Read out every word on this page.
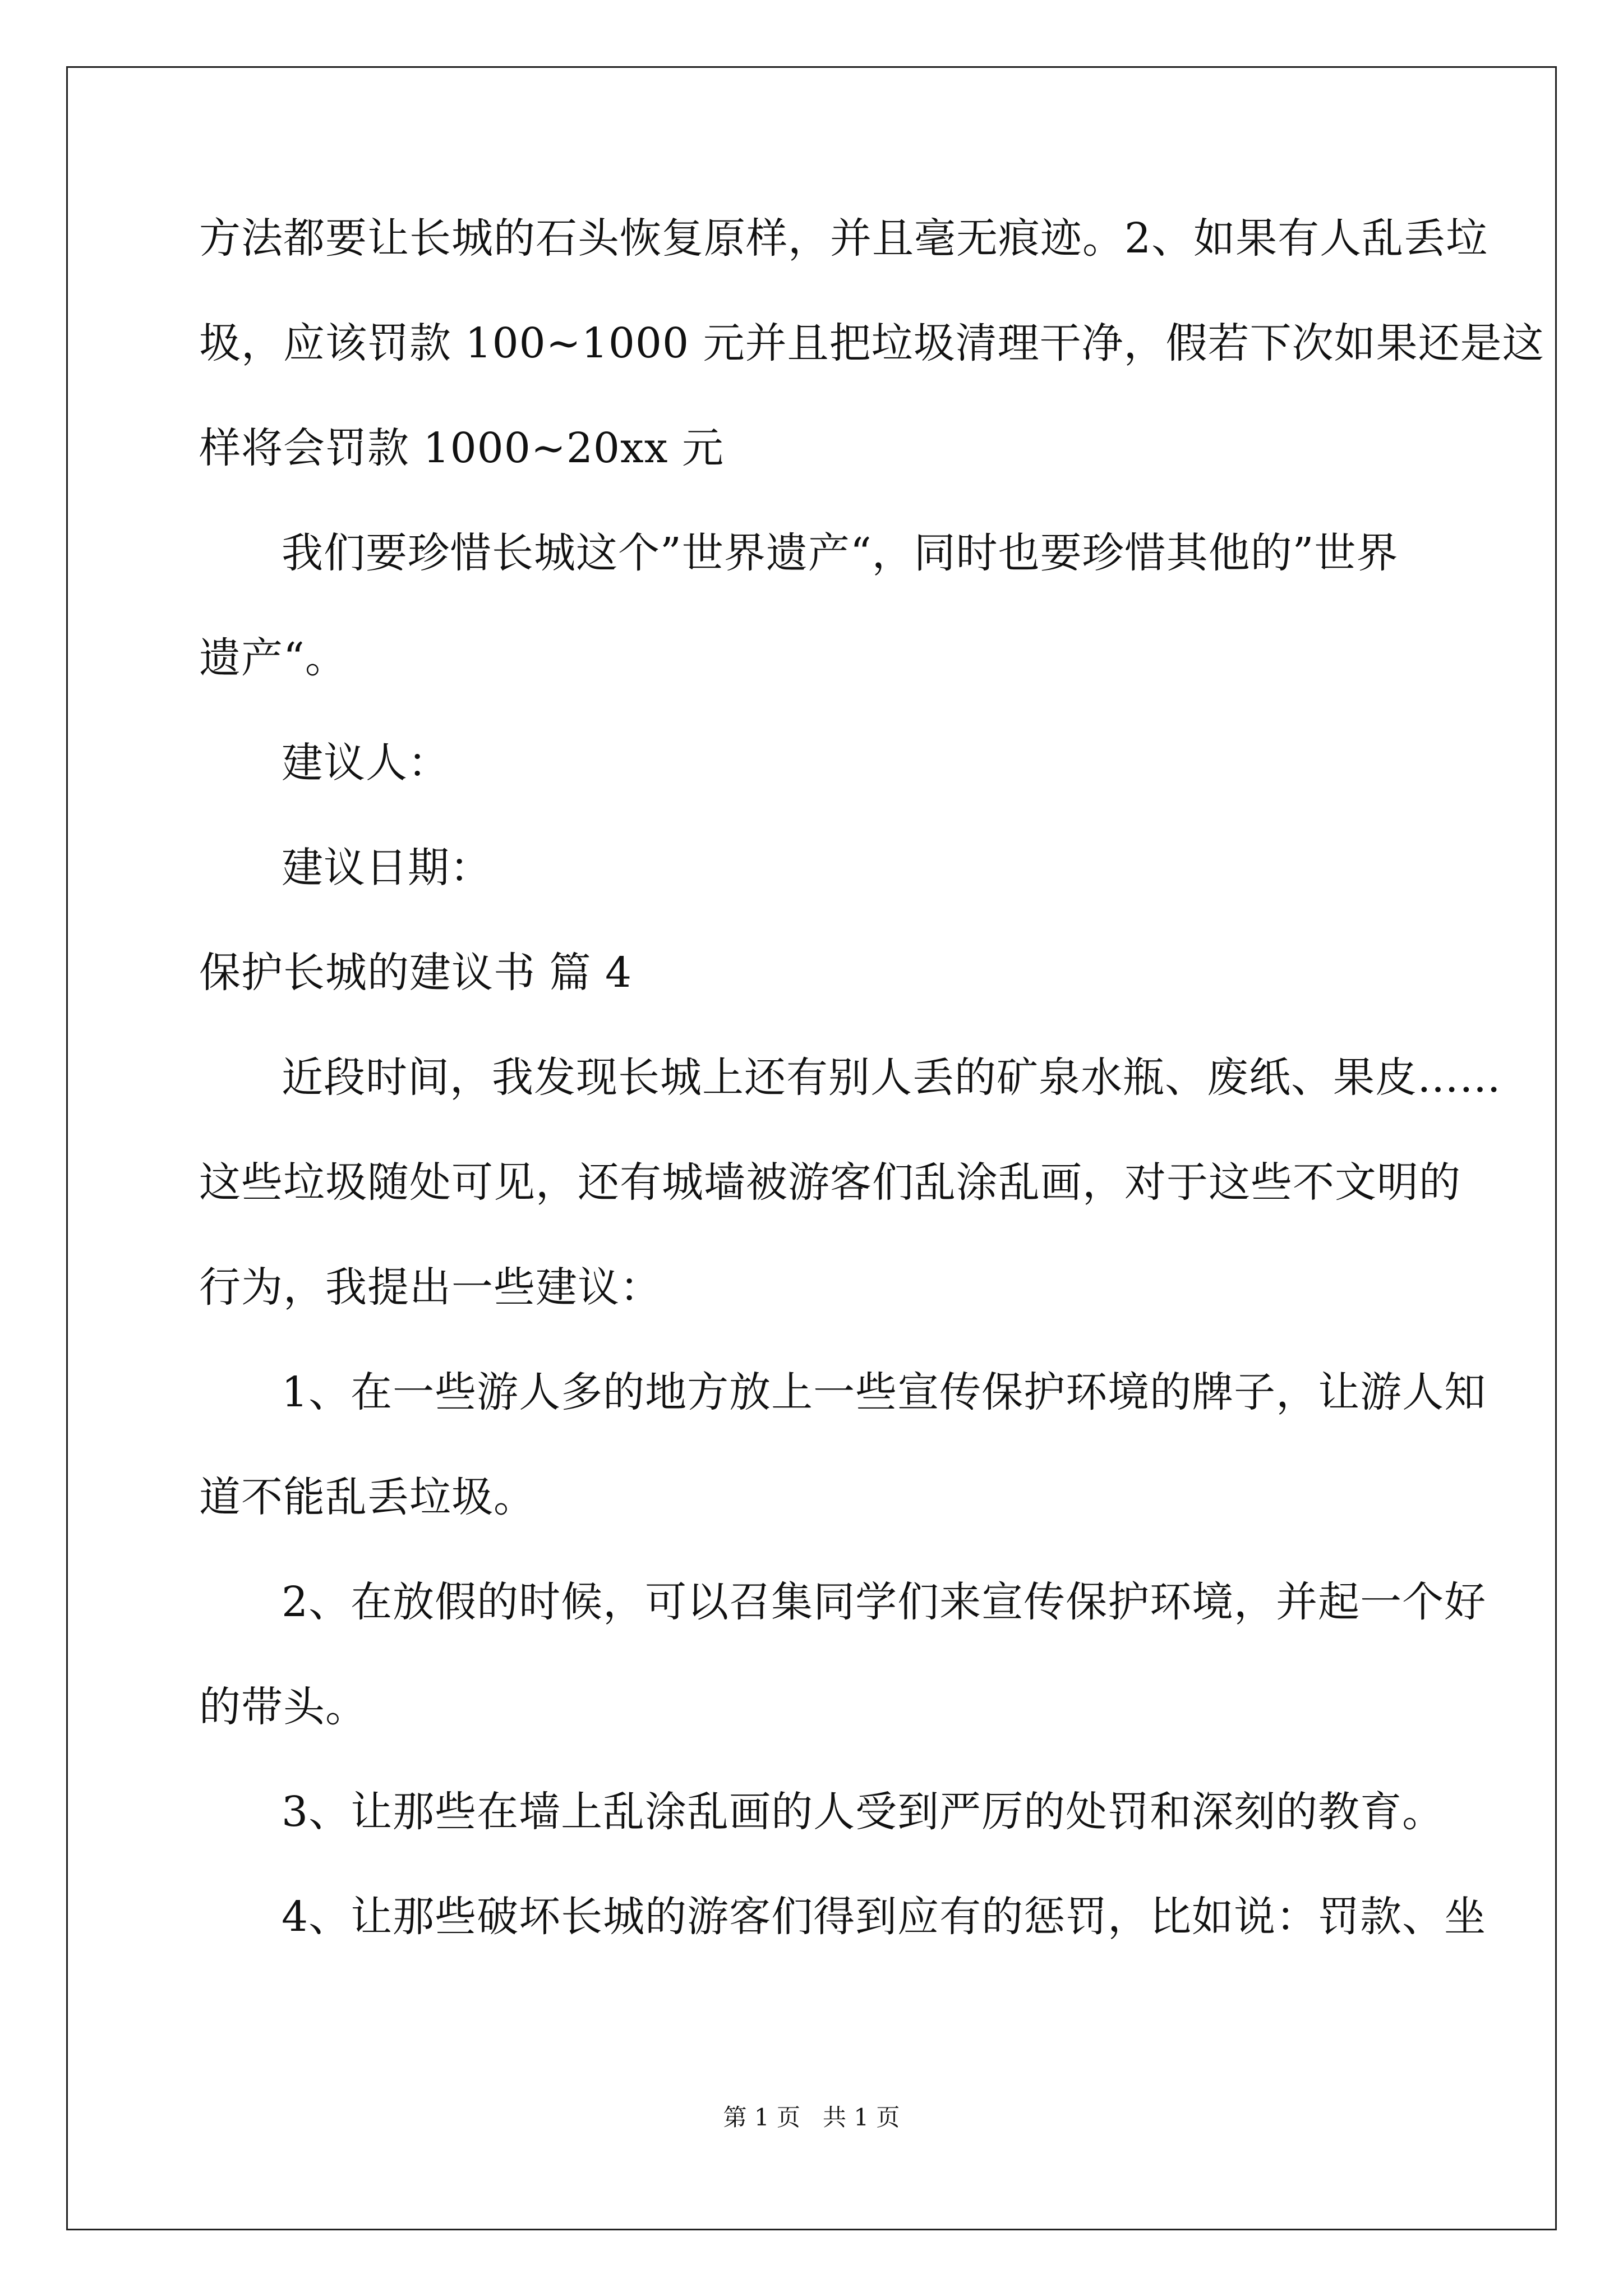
方法都要让长城的石头恢复原样，并且毫无痕迹。2、如果有人乱丢垃
圾，应该罚款 100~1000 元并且把垃圾清理干净，假若下次如果还是这
样将会罚款 1000~20xx 元
我们要珍惜长城这个”世界遗产“，同时也要珍惜其他的”世界
遗产“。
建议人：
建议日期：
保护长城的建议书 篇 4
近段时间，我发现长城上还有别人丢的矿泉水瓶、废纸、果皮……
这些垃圾随处可见，还有城墙被游客们乱涂乱画，对于这些不文明的
行为，我提出一些建议：
1、在一些游人多的地方放上一些宣传保护环境的牌子，让游人知
道不能乱丢垃圾。
2、在放假的时候，可以召集同学们来宣传保护环境，并起一个好
的带头。
3、让那些在墙上乱涂乱画的人受到严厉的处罚和深刻的教育。
4、让那些破坏长城的游客们得到应有的惩罚，比如说：罚款、坐
第 1 页 共 1 页
